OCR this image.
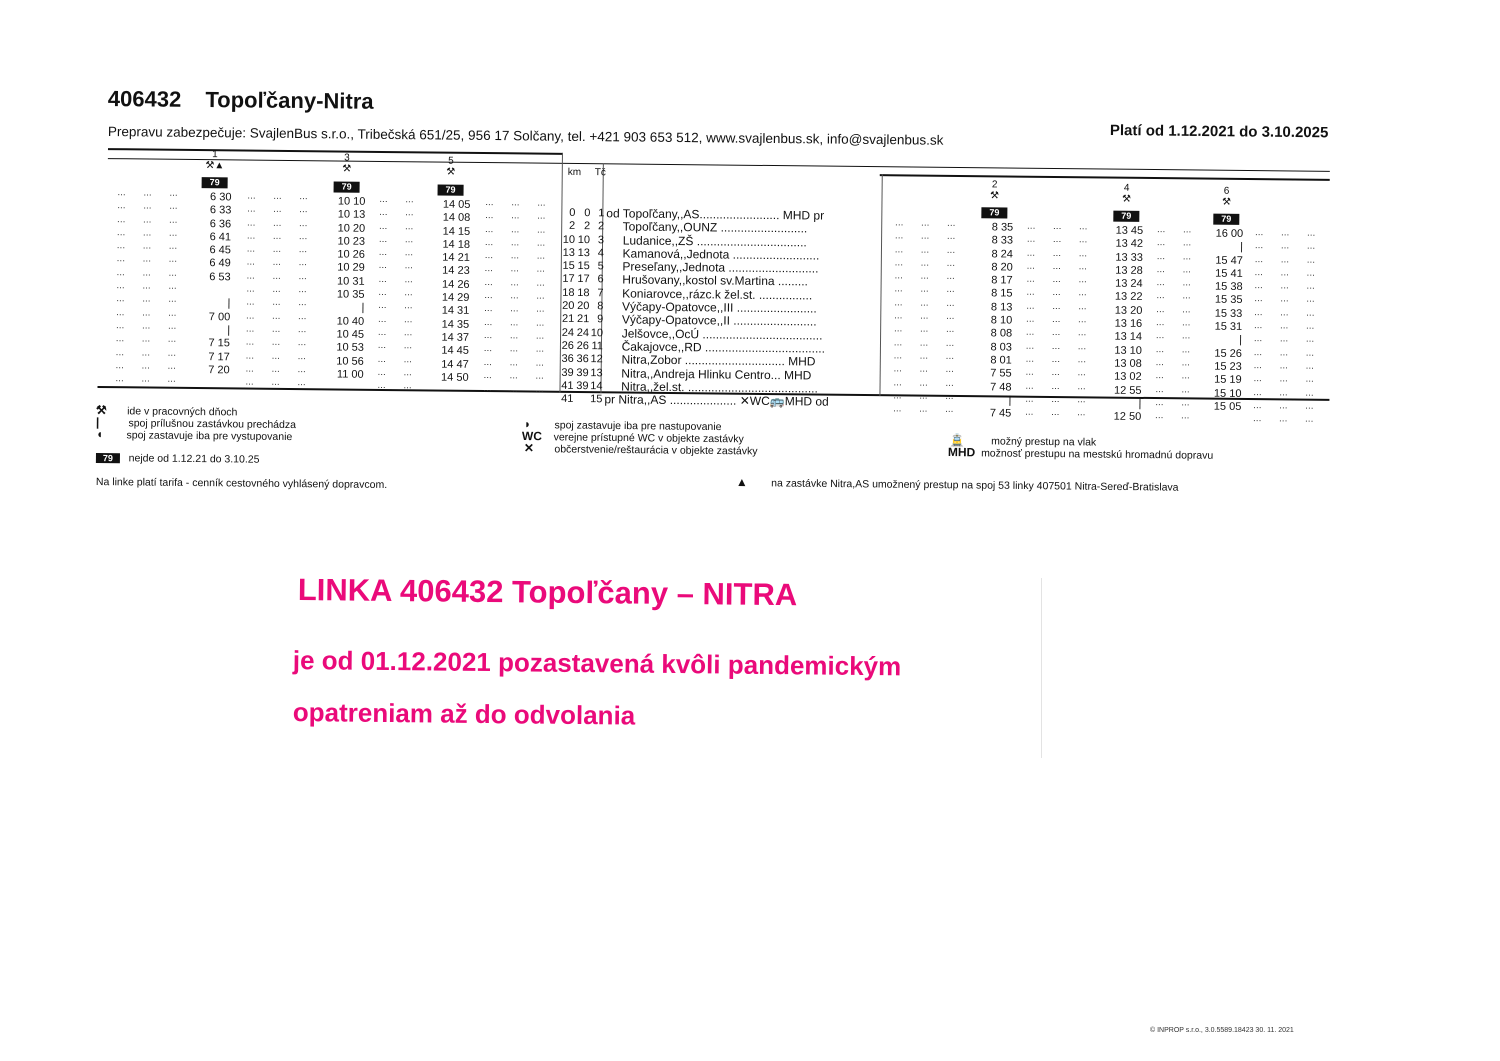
406432 Topoľčany-Nitra
Prepravu zabezpečuje: SvajlenBus s.r.o., Tribečská 651/25, 956 17 Solčany, tel. +421 903 653 512, www.svajlenbus.sk, info@svajlenbus.sk	Platí od 1.12.2021 do 3.10.2025
km Tč
1
⚒▲
79
6 30
6 33
6 36
6 41
6 45
6 49
6 53

|
7 00
|
7 15
7 17
7 20

3
⚒
79
10 10
10 13
10 20
10 23
10 26
10 29
10 31
10 35
|
10 40
10 45
10 53
10 56
11 00

5
⚒
79
14 05
14 08
14 15
14 18
14 21
14 23
14 26
14 29
14 31
14 35
14 37
14 45
14 47
14 50

...
...
...
...
...
...
...
...
...
...
...
...
...
...
...
...
...
...
...
...
...
...
...
...
...
...
...
...
...
...
...
...
...
...
...
...
...
...
...
...
...
...
...
...
...
...
...
...
...
...
...
...
...
...
...
...
...
...
...
...
...
...
...
...
...
...
...
...
...
...
...
...
...
...
...
...
...
...
...
...
...
...
...
...
...
...
...
...
...
...
...
...
...
...
...
...
...
...
...
...
...
...
...
...
...
...
...
...
...
...
...
...
...
...
...
...
...
...
...
...
...
...
...
...
...
...
...
...
...
...
...
...
...
...
...
...
...
...
...
...
...
...
...
...
...
...
...
...
...
...
...
...
...
...
...
...
...
...
...
...
...
...
...
...
...
0
2
10
13
15
17
18
20
21
24
26
36
39
41
41
0
2
10
13
15
17
18
20
21
24
26
36
39
39

1
2
3
4
5
6
7
8
9
10
11
12
13
14
15
od Topoľčany,,AS........................ MHD pr
Topoľčany,,OUNZ ..........................
Ludanice,,ZŠ .................................
Kamanová,,Jednota ..........................
Preseľany,,Jednota ...........................
Hrušovany,,kostol sv.Martina .........
Koniarovce,,rázc.k žel.st. ................
Výčapy-Opatovce,,III ........................
Výčapy-Opatovce,,II .........................
Jelšovce,,OcÚ ....................................
Čakajovce,,RD ....................................
Nitra,Zobor .............................. MHD
Nitra,,Andreja Hlinku Centro... MHD
Nitra,,žel.st. .......................................
pr Nitra,,AS .................... ✕WC🚌MHD od
2
⚒
79
8 35
8 33
8 24
8 20
8 17
8 15
8 13
8 10
8 08
8 03
8 01
7 55
7 48
|
7 45
4
⚒
79
13 45
13 42
13 33
13 28
13 24
13 22
13 20
13 16
13 14
13 10
13 08
13 02
12 55
|
12 50
6
⚒
79
16 00
|
15 47
15 41
15 38
15 35
15 33
15 31
|
15 26
15 23
15 19
15 10
15 05

...
...
...
...
...
...
...
...
...
...
...
...
...
...
...
...
...
...
...
...
...
...
...
...
...
...
...
...
...
...
...
...
...
...
...
...
...
...
...
...
...
...
...
...
...
...
...
...
...
...
...
...
...
...
...
...
...
...
...
...
...
...
...
...
...
...
...
...
...
...
...
...
...
...
...
...
...
...
...
...
...
...
...
...
...
...
...
...
...
...
...
...
...
...
...
...
...
...
...
...
...
...
...
...
...
...
...
...
...
...
...
...
...
...
...
...
...
...
...
...
...
...
...
...
...
...
...
...
...
...
...
...
...
...
...
...
...
...
...
...
...
...
...
...
...
...
...
...
...
...
...
...
...
...
...
...
...
...
...
...
...
...
...
...
...
⚒ ide v pracovných dňoch
|	spoj prílušnou zastávkou prechádza
◖ spoj zastavuje iba pre vystupovanie
79 nejde od 1.12.21 do 3.10.25
Na linke platí tarifa - cenník cestovného vyhlásený dopravcom.
◗ spoj zastavuje iba pre nastupovanie
WC verejne prístupné WC v objekte zastávky
✕ občerstvenie/reštaurácia v objekte zastávky
🚊 možný prestup na vlak
MHD možnosť prestupu na mestskú hromadnú dopravu
▲ na zastávke Nitra,AS umožnený prestup na spoj 53 linky 407501 Nitra-Sereď-Bratislava
LINKA 406432 Topoľčany – NITRA
je od 01.12.2021 pozastavená kvôli pandemickým
opatreniam až do odvolania
© INPROP s.r.o., 3.0.5589.18423 30. 11. 2021
